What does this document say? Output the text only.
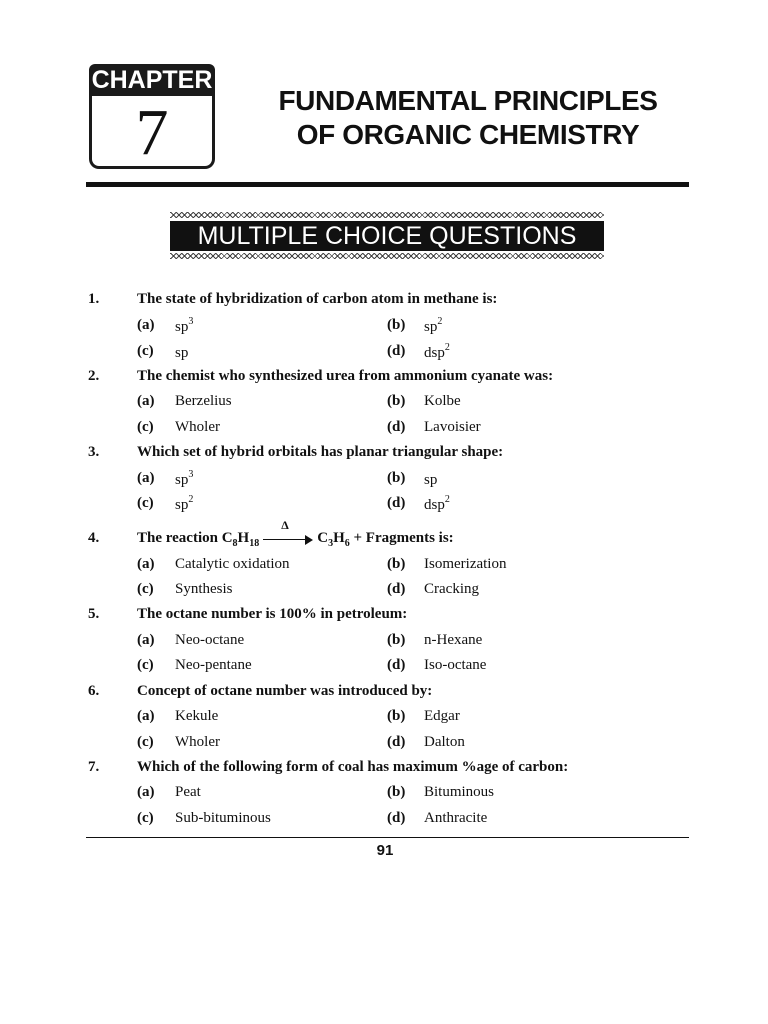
CHAPTER
7	FUNDAMENTAL PRINCIPLES
OF ORGANIC CHEMISTRY
MULTIPLE CHOICE QUESTIONS
1.	The state of hybridization of carbon atom in methane is:
(a) $sp^3$	(b) $sp^2$
(c) sp	(d) dsp$^2$
2.	The chemist who synthesized urea from ammonium cyanate was:
(a) Berzelius	(b) Kolbe
(c) Wholer	(d) Lavoisier
3.	Which set of hybrid orbitals has planar triangular shape:
(a) $sp^3$	(b) sp
(c) $sp^2$	(d) dsp$^2$
4.	The reaction $C_8H_{18}$
Δ
$C_3H_6$ + Fragments is:
(a) Catalytic oxidation	(b) Isomerization
(c) Synthesis	(d) Cracking
5.	The octane number is 100% in petroleum:
(a) Neo-octane	(b) n-Hexane
(c) Neo-pentane	(d) Iso-octane
6.	Concept of octane number was introduced by:
(a) Kekule	(b) Edgar
(c) Wholer	(d) Dalton
7.	Which of the following form of coal has maximum %age of carbon:
(a) Peat	(b) Bituminous
(c) Sub-bituminous	(d) Anthracite
91
